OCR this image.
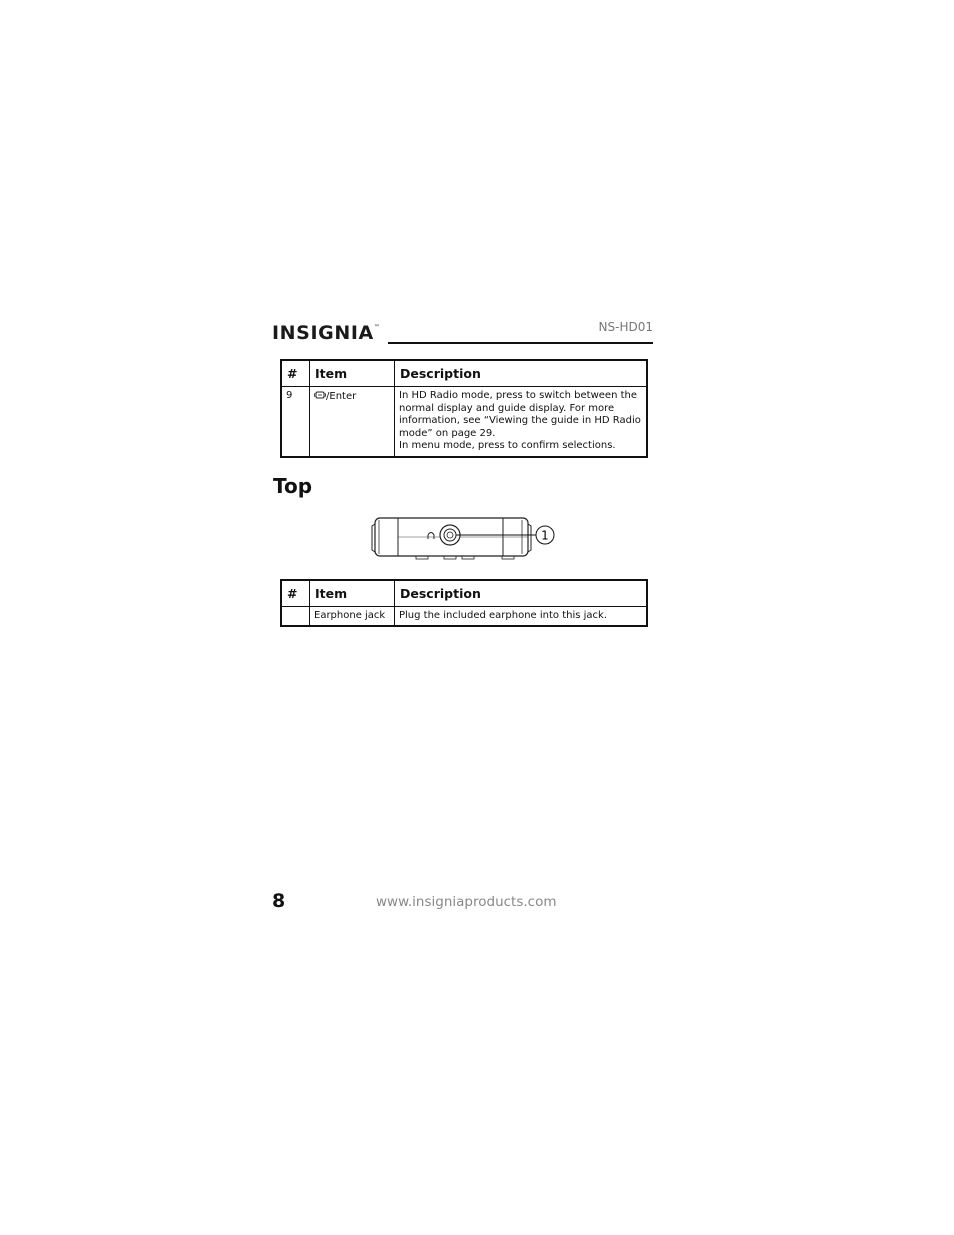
INSIGNIA™	NS-HD01
#	Item	Description
9	/Enter	In HD Radio mode, press to switch between the normal display and guide display. For more information, see “Viewing the guide in HD Radio mode” on page 29.

In menu mode, press to confirm selections.

Top
1
#	Item	Description
	Earphone jack	Plug the included earphone into this jack.
8	www.insigniaproducts.com
